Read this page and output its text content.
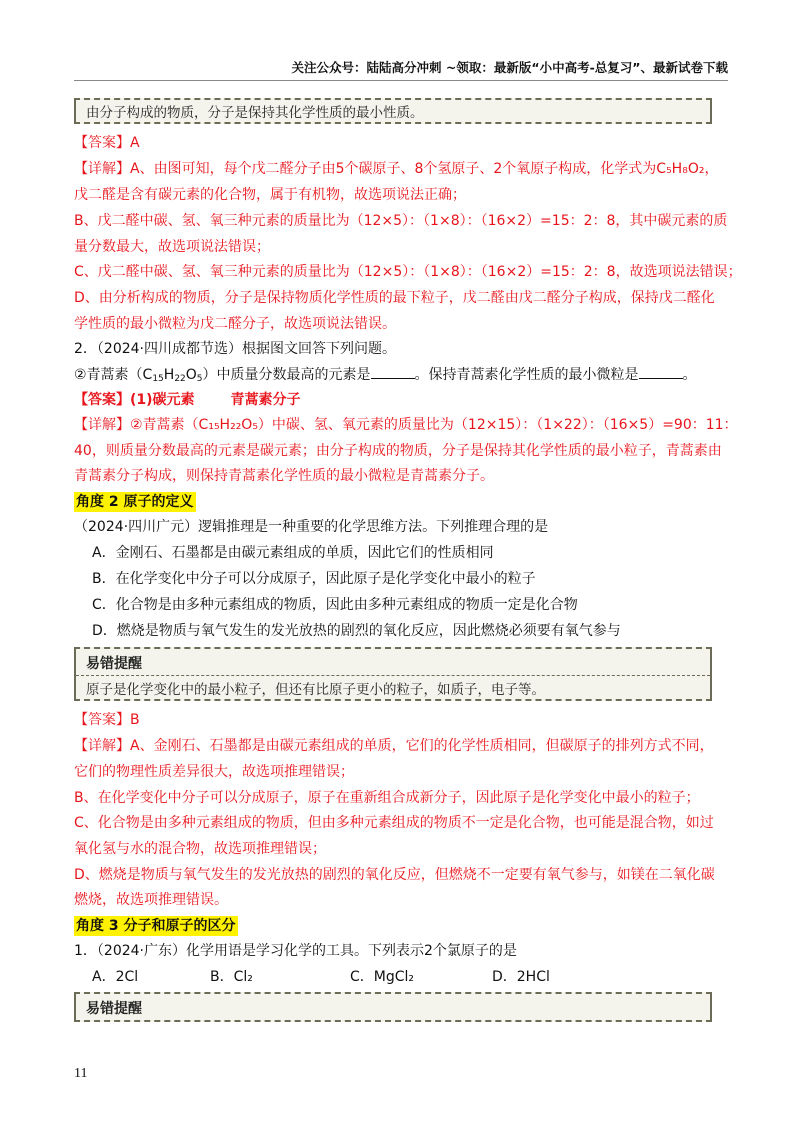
关注公众号：陆陆高分冲刺 ~领取：最新版“小中高考-总复习”、最新试卷下载
由分子构成的物质，分子是保持其化学性质的最小性质。
【答案】A
【详解】A、由图可知，每个戊二醛分子由5个碳原子、8个氢原子、2个氧原子构成，化学式为C₅H₈O₂，
戊二醛是含有碳元素的化合物，属于有机物，故选项说法正确；
B、戊二醛中碳、氢、氧三种元素的质量比为（12×5）：（1×8）：（16×2）=15：2：8，其中碳元素的质
量分数最大，故选项说法错误；
C、戊二醛中碳、氢、氧三种元素的质量比为（12×5）：（1×8）：（16×2）=15：2：8，故选项说法错误；
D、由分析构成的物质，分子是保持物质化学性质的最下粒子，戊二醛由戊二醛分子构成，保持戊二醛化
学性质的最小微粒为戊二醛分子，故选项说法错误。
2．（2024·四川成都节选）根据图文回答下列问题。
②青蒿素$(C_{15}H_{22}O_5)$中质量分数最高的元素是	。保持青蒿素化学性质的最小微粒是	。
【答案】(1)碳元素	青蒿素分子
【详解】②青蒿素（C₁₅H₂₂O₅）中碳、氢、氧元素的质量比为（12×15）：（1×22）：（16×5）=90：11：
40，则质量分数最高的元素是碳元素；由分子构成的物质，分子是保持其化学性质的最小粒子，青蒿素由
青蒿素分子构成，则保持青蒿素化学性质的最小微粒是青蒿素分子。
角度 2 原子的定义
（2024·四川广元）逻辑推理是一种重要的化学思维方法。下列推理合理的是
A．金刚石、石墨都是由碳元素组成的单质，因此它们的性质相同
B．在化学变化中分子可以分成原子，因此原子是化学变化中最小的粒子
C．化合物是由多种元素组成的物质，因此由多种元素组成的物质一定是化合物
D．燃烧是物质与氧气发生的发光放热的剧烈的氧化反应，因此燃烧必须要有氧气参与
易错提醒
原子是化学变化中的最小粒子，但还有比原子更小的粒子，如质子，电子等。
【答案】B
【详解】A、金刚石、石墨都是由碳元素组成的单质，它们的化学性质相同，但碳原子的排列方式不同，
它们的物理性质差异很大，故选项推理错误；
B、在化学变化中分子可以分成原子，原子在重新组合成新分子，因此原子是化学变化中最小的粒子；
C、化合物是由多种元素组成的物质，但由多种元素组成的物质不一定是化合物，也可能是混合物，如过
氧化氢与水的混合物，故选项推理错误；
D、燃烧是物质与氧气发生的发光放热的剧烈的氧化反应，但燃烧不一定要有氧气参与，如镁在二氧化碳
燃烧，故选项推理错误。
角度 3 分子和原子的区分
1．（2024·广东）化学用语是学习化学的工具。下列表示2个氯原子的是
A．2Cl	B．Cl₂	C．MgCl₂	D．2HCl
易错提醒
11
